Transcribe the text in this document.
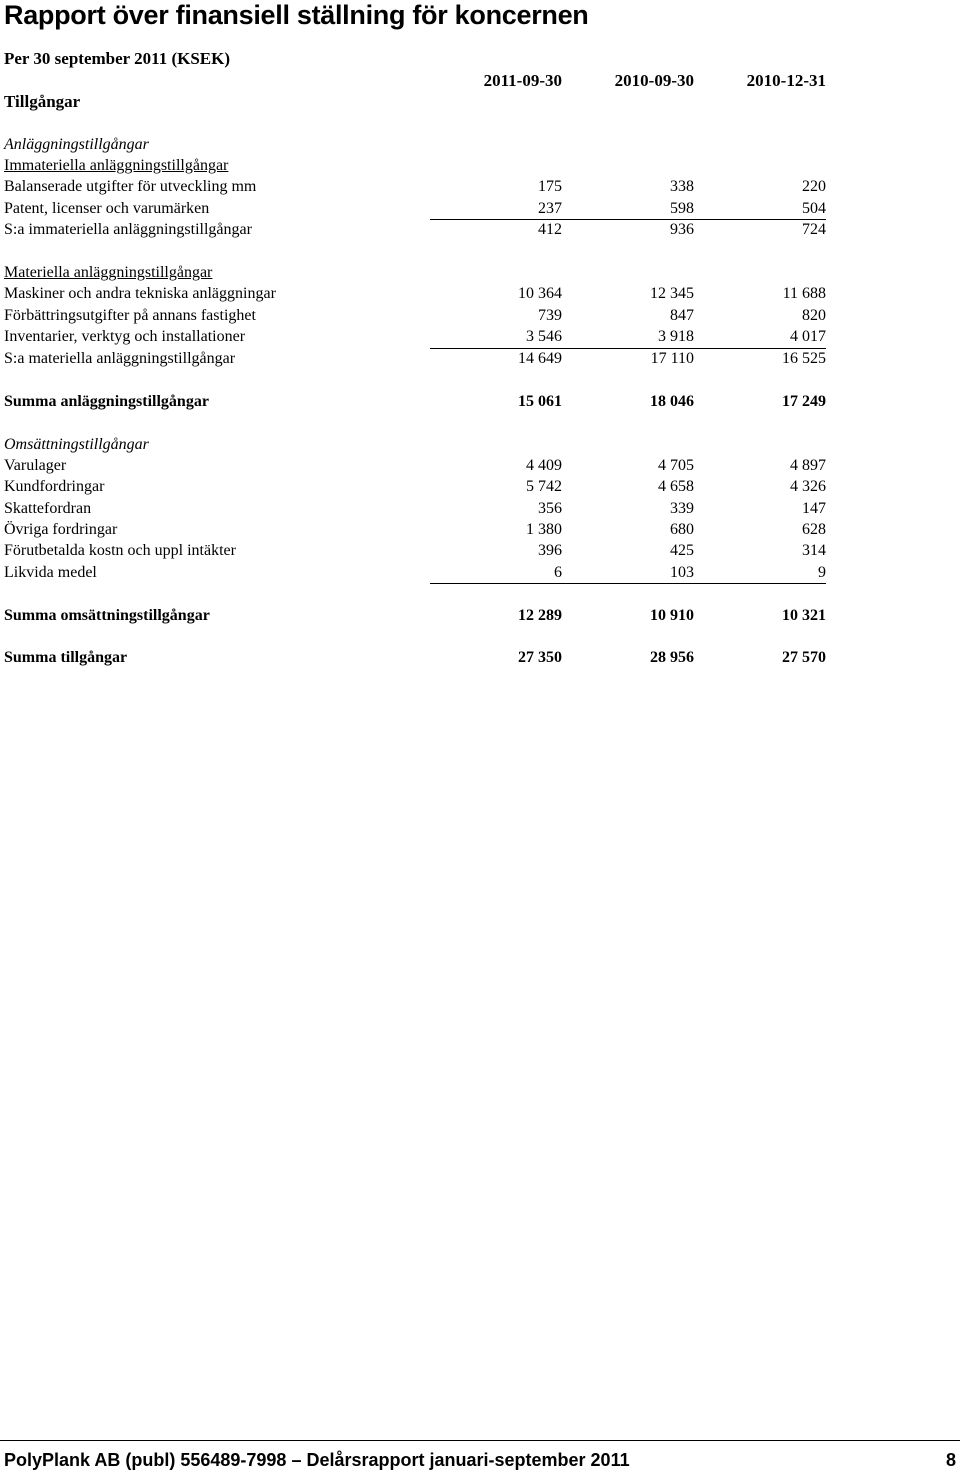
Rapport över finansiell ställning för koncernen
Per 30 september 2011 (KSEK)
Tillgångar
2011-09-30	2010-09-30	2010-12-31
Anläggningstillgångar
Immateriella anläggningstillgångar
Balanserade utgifter för utveckling mm	175	338	220
Patent, licenser och varumärken	237	598	504
S:a immateriella anläggningstillgångar	412	936	724
Materiella anläggningstillgångar
Maskiner och andra tekniska anläggningar	10 364	12 345	11 688
Förbättringsutgifter på annans fastighet	739	847	820
Inventarier, verktyg och installationer	3 546	3 918	4 017
S:a materiella anläggningstillgångar	14 649	17 110	16 525
Summa anläggningstillgångar	15 061	18 046	17 249
Omsättningstillgångar
Varulager	4 409	4 705	4 897
Kundfordringar	5 742	4 658	4 326
Skattefordran	356	339	147
Övriga fordringar	1 380	680	628
Förutbetalda kostn och uppl intäkter	396	425	314
Likvida medel	6	103	9
Summa omsättningstillgångar	12 289	10 910	10 321
Summa tillgångar	27 350	28 956	27 570
PolyPlank AB (publ) 556489-7998 – Delårsrapport januari-september 2011	8
